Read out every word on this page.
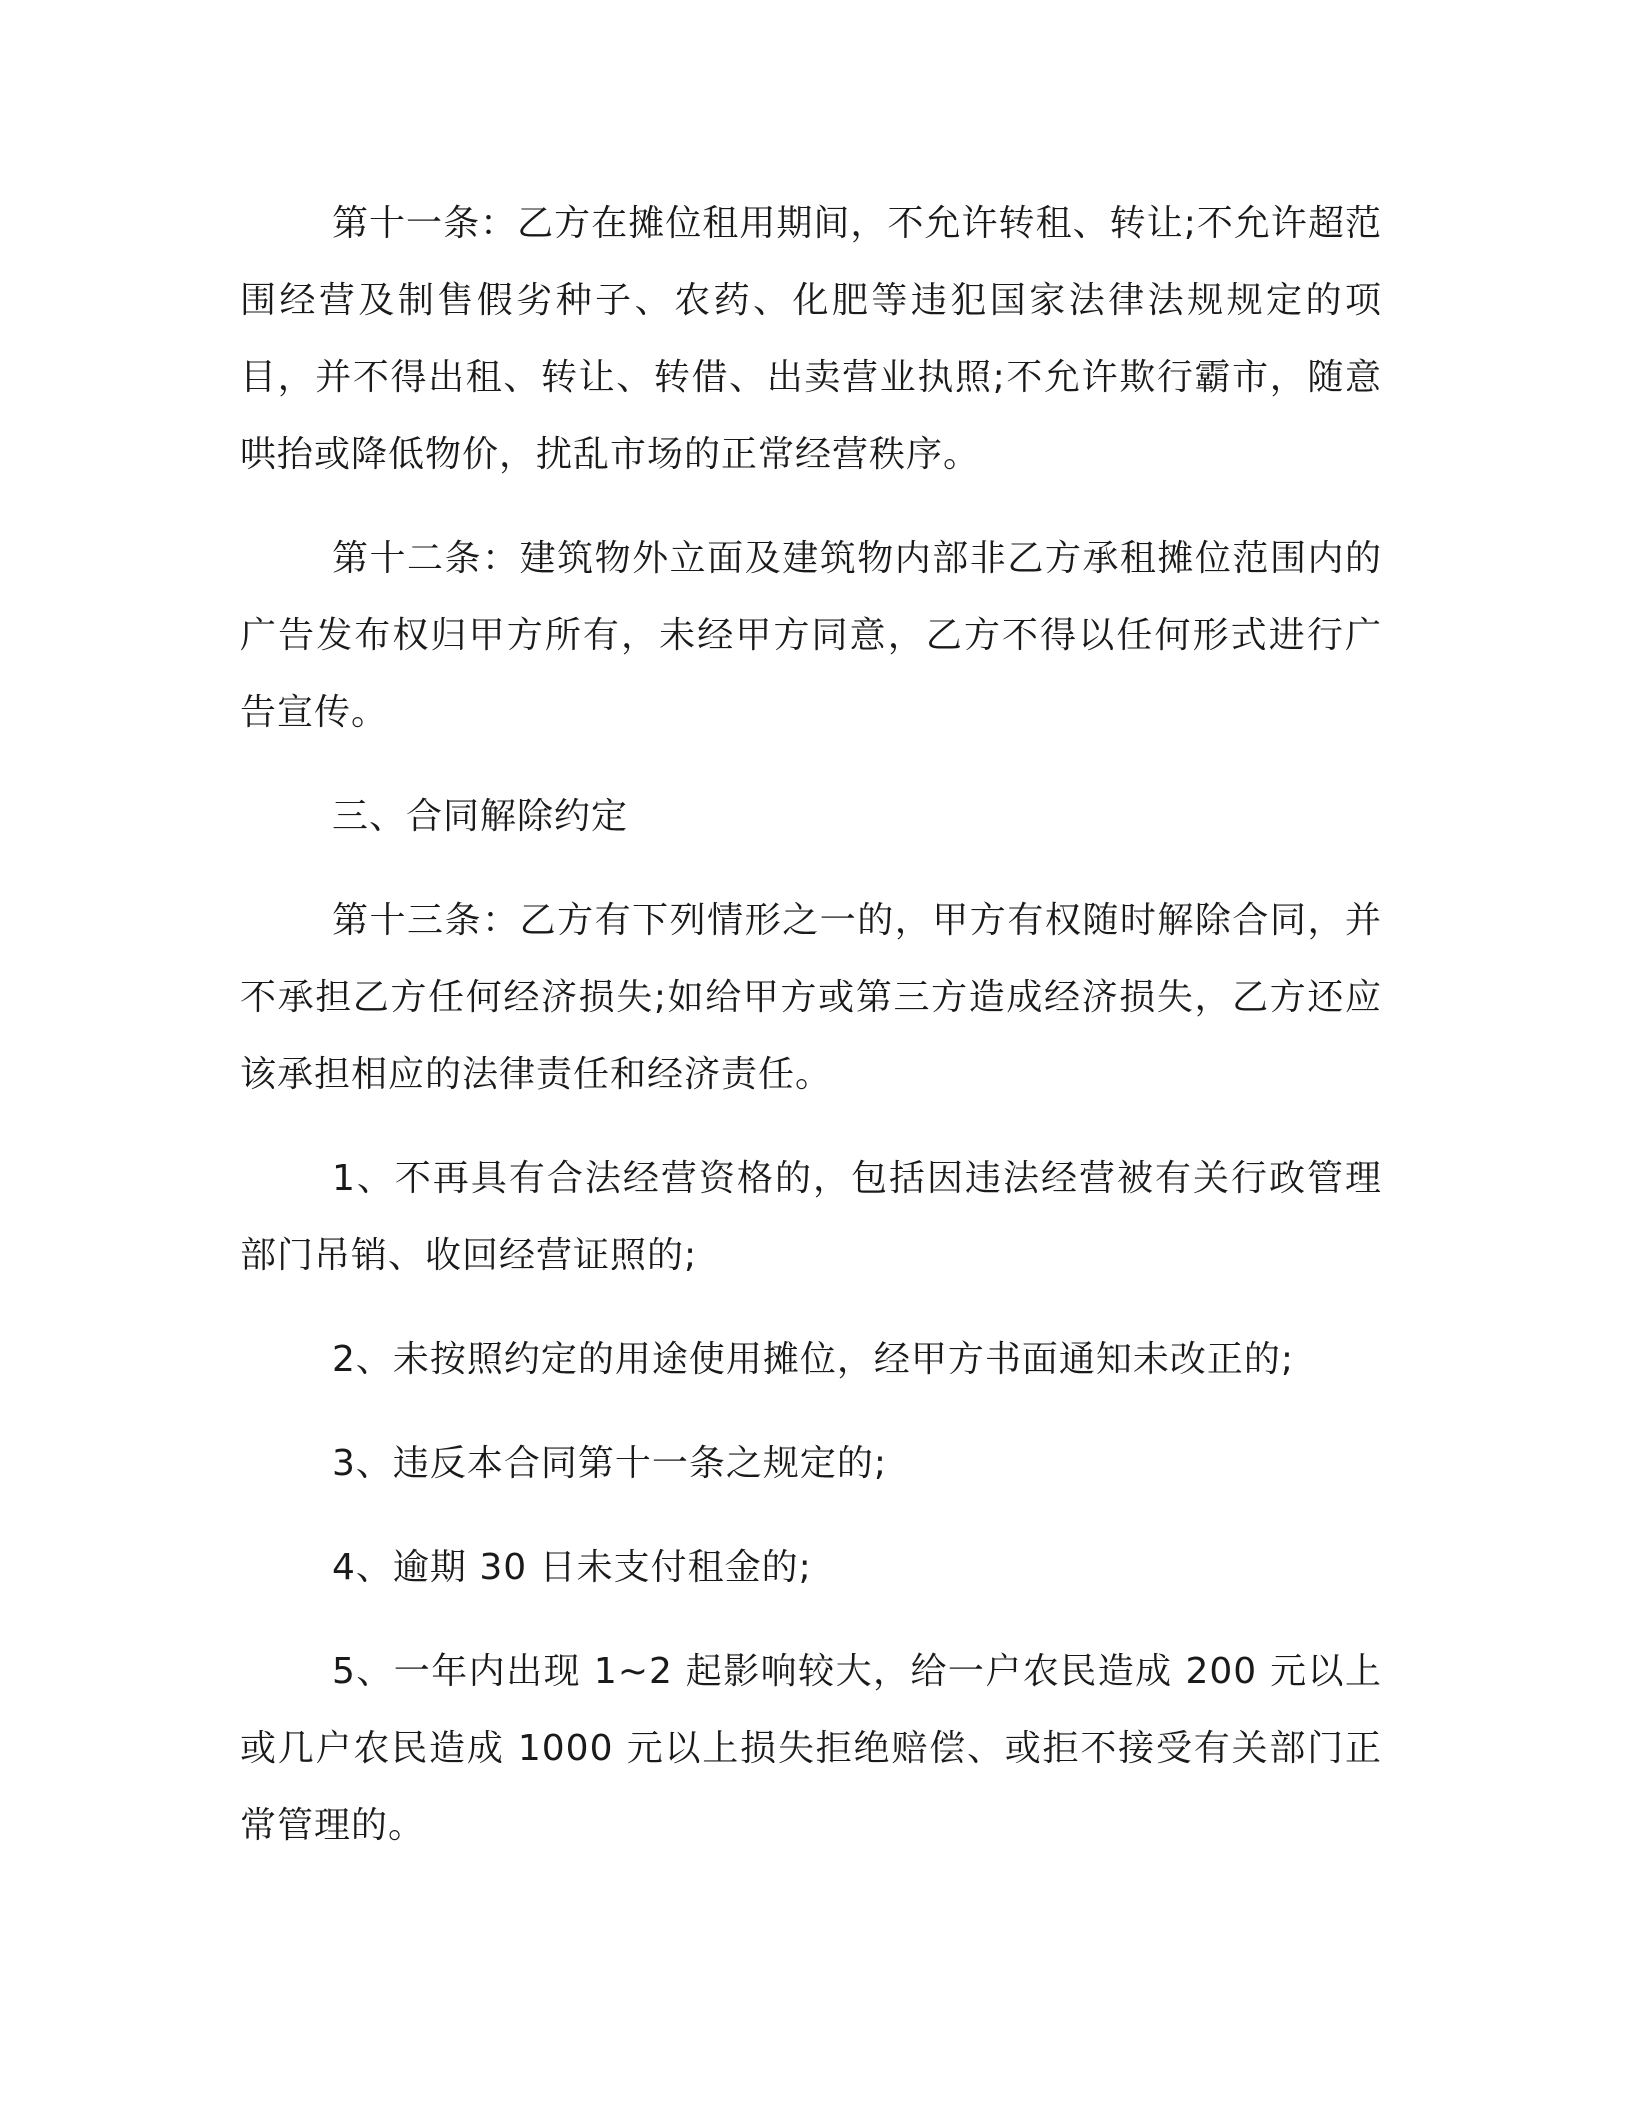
第十一条：乙方在摊位租用期间，不允许转租、转让;不允许超范围经营及制售假劣种子、农药、化肥等违犯国家法律法规规定的项目，并不得出租、转让、转借、出卖营业执照;不允许欺行霸市，随意哄抬或降低物价，扰乱市场的正常经营秩序。

第十二条：建筑物外立面及建筑物内部非乙方承租摊位范围内的广告发布权归甲方所有，未经甲方同意，乙方不得以任何形式进行广告宣传。

三、合同解除约定

第十三条：乙方有下列情形之一的，甲方有权随时解除合同，并不承担乙方任何经济损失;如给甲方或第三方造成经济损失，乙方还应该承担相应的法律责任和经济责任。

1、不再具有合法经营资格的，包括因违法经营被有关行政管理部门吊销、收回经营证照的;

2、未按照约定的用途使用摊位，经甲方书面通知未改正的;

3、违反本合同第十一条之规定的;

4、逾期 30 日未支付租金的;

5、一年内出现 1~2 起影响较大，给一户农民造成 200 元以上或几户农民造成 1000 元以上损失拒绝赔偿、或拒不接受有关部门正常管理的。
